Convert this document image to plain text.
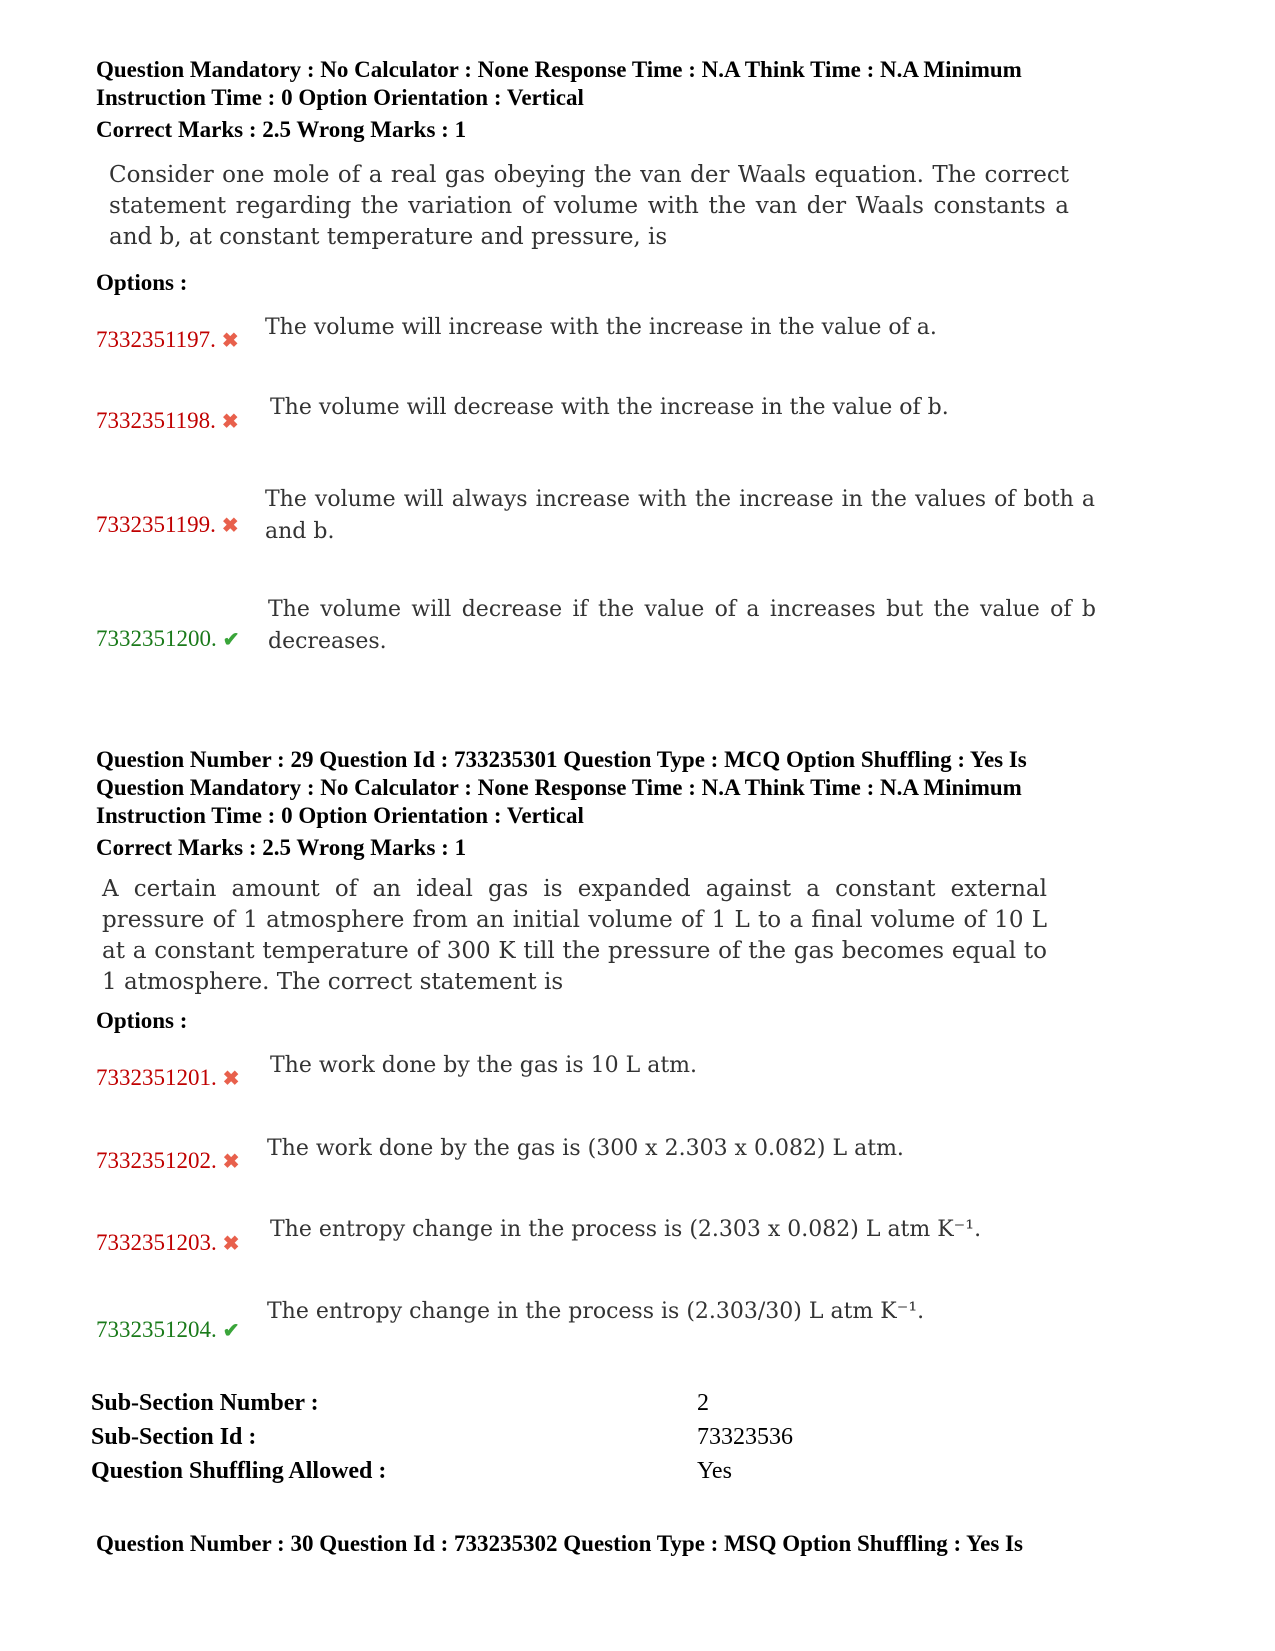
Question Mandatory : No Calculator : None Response Time : N.A Think Time : N.A Minimum
Instruction Time : 0 Option Orientation : Vertical
Correct Marks : 2.5 Wrong Marks : 1
Consider one mole of a real gas obeying the van der Waals equation. The correct statement regarding the variation of volume with the van der Waals constants a and b, at constant temperature and pressure, is
Options :
7332351197. ✖
The volume will increase with the increase in the value of a.
7332351198. ✖
The volume will decrease with the increase in the value of b.
7332351199. ✖
The volume will always increase with the increase in the values of both a and b.
7332351200. ✔
The volume will decrease if the value of a increases but the value of b decreases.
Question Number : 29 Question Id : 733235301 Question Type : MCQ Option Shuffling : Yes Is
Question Mandatory : No Calculator : None Response Time : N.A Think Time : N.A Minimum
Instruction Time : 0 Option Orientation : Vertical
Correct Marks : 2.5 Wrong Marks : 1
A certain amount of an ideal gas is expanded against a constant external pressure of 1 atmosphere from an initial volume of 1 L to a final volume of 10 L at a constant temperature of 300 K till the pressure of the gas becomes equal to 1 atmosphere. The correct statement is
Options :
7332351201. ✖
The work done by the gas is 10 L atm.
7332351202. ✖
The work done by the gas is (300 x 2.303 x 0.082) L atm.
7332351203. ✖
The entropy change in the process is (2.303 x 0.082) L atm K⁻¹.
7332351204. ✔
The entropy change in the process is (2.303/30) L atm K⁻¹.
Sub-Section Number :	2
Sub-Section Id :	73323536
Question Shuffling Allowed :	Yes
Question Number : 30 Question Id : 733235302 Question Type : MSQ Option Shuffling : Yes Is
